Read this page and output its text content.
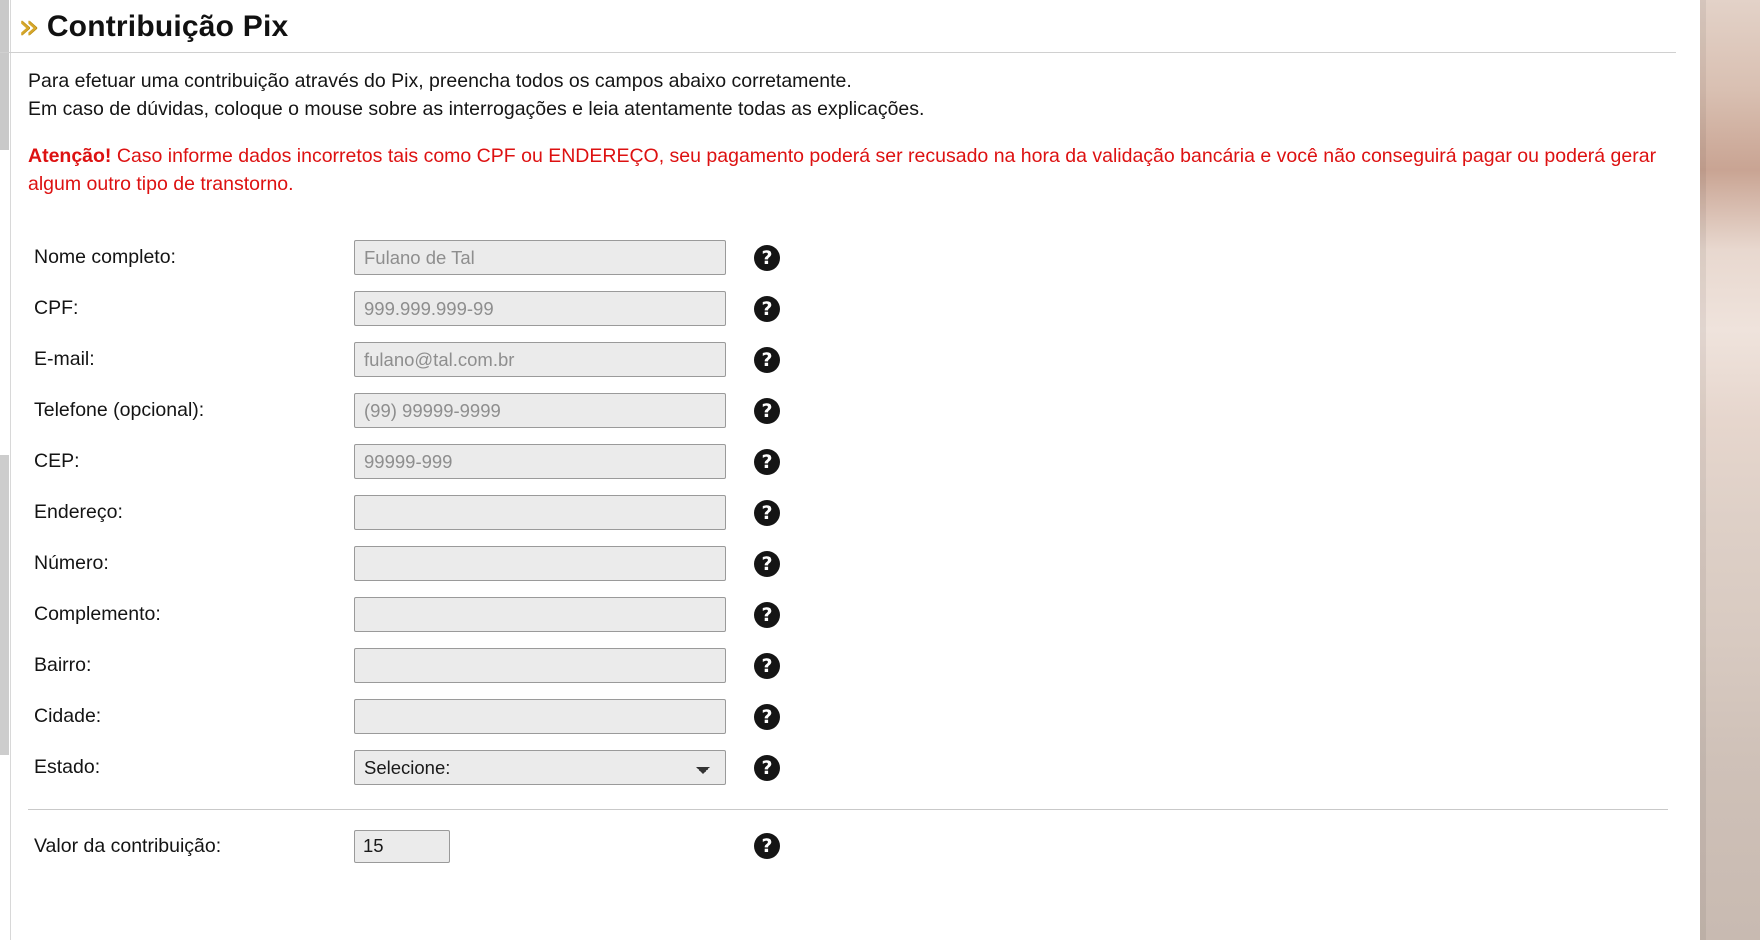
» Contribuição Pix
Para efetuar uma contribuição através do Pix, preencha todos os campos abaixo corretamente.
Em caso de dúvidas, coloque o mouse sobre as interrogações e leia atentamente todas as explicações.
Atenção! Caso informe dados incorretos tais como CPF ou ENDEREÇO, seu pagamento poderá ser recusado na hora da validação bancária e você não conseguirá pagar ou poderá gerar algum outro tipo de transtorno.
Nome completo:
Fulano de Tal	?
CPF:
999.999.999-99	?
E-mail:
fulano@tal.com.br	?
Telefone (opcional):
(99) 99999-9999	?
CEP:
99999-999	?
Endereço:	?
Número:	?
Complemento:	?
Bairro:	?
Cidade:	?
Estado:
Selecione:	?
Valor da contribuição:
15	?
